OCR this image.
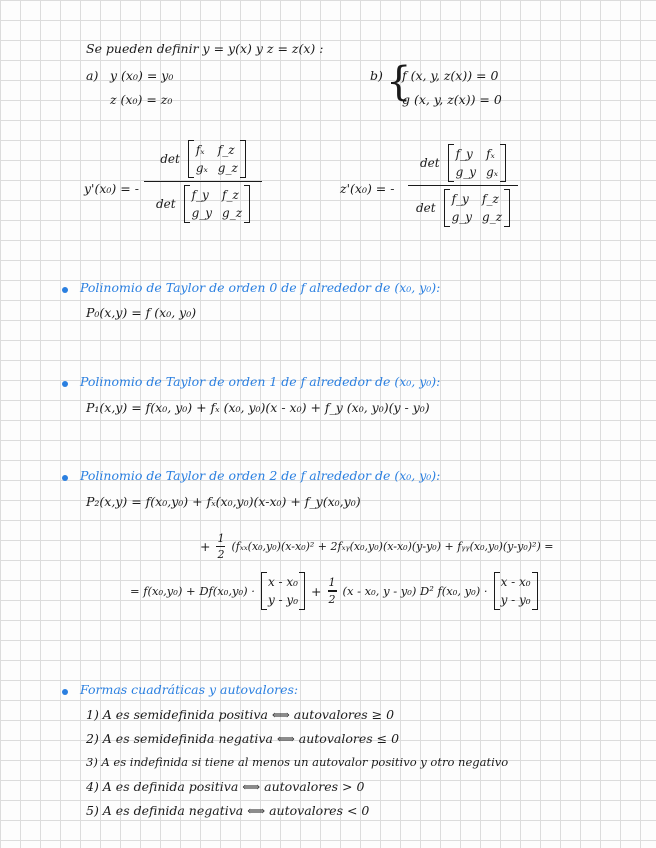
Se pueden definir y = y(x) y z = z(x) :
a) y (x₀) = y₀
z (x₀) = z₀
b) {
f (x, y, z(x)) = 0
g (x, y, z(x)) = 0
y'(x₀) = -
det
fₓ f_z
gₓ g_z
det
f_y f_z
g_y g_z
z'(x₀) = -
det
f_y fₓ
g_y gₓ
det
f_y f_z
g_y g_z
Polinomio de Taylor de orden 0 de f alrededor de (x₀, y₀):
P₀(x,y) = f (x₀, y₀)
Polinomio de Taylor de orden 1 de f alrededor de (x₀, y₀):
P₁(x,y) = f(x₀, y₀) + fₓ (x₀, y₀)(x - x₀) + f_y (x₀, y₀)(y - y₀)
Polinomio de Taylor de orden 2 de f alrededor de (x₀, y₀):
P₂(x,y) = f(x₀,y₀) + fₓ(x₀,y₀)(x-x₀) + f_y(x₀,y₀)
+
1
2
(fₓₓ(x₀,y₀)(x-x₀)² + 2fₓᵧ(x₀,y₀)(x-x₀)(y-y₀) + fᵧᵧ(x₀,y₀)(y-y₀)²) =
= f(x₀,y₀) + Df(x₀,y₀) ·
x - x₀
y - y₀
+
1
2
(x - x₀, y - y₀) D² f(x₀, y₀) ·
x - x₀
y - y₀
Formas cuadráticas y autovalores:
1) A es semidefinida positiva ⟺ autovalores ≥ 0
2) A es semidefinida negativa ⟺ autovalores ≤ 0
3) A es indefinida si tiene al menos un autovalor positivo y otro negativo
4) A es definida positiva ⟺ autovalores > 0
5) A es definida negativa ⟺ autovalores < 0
